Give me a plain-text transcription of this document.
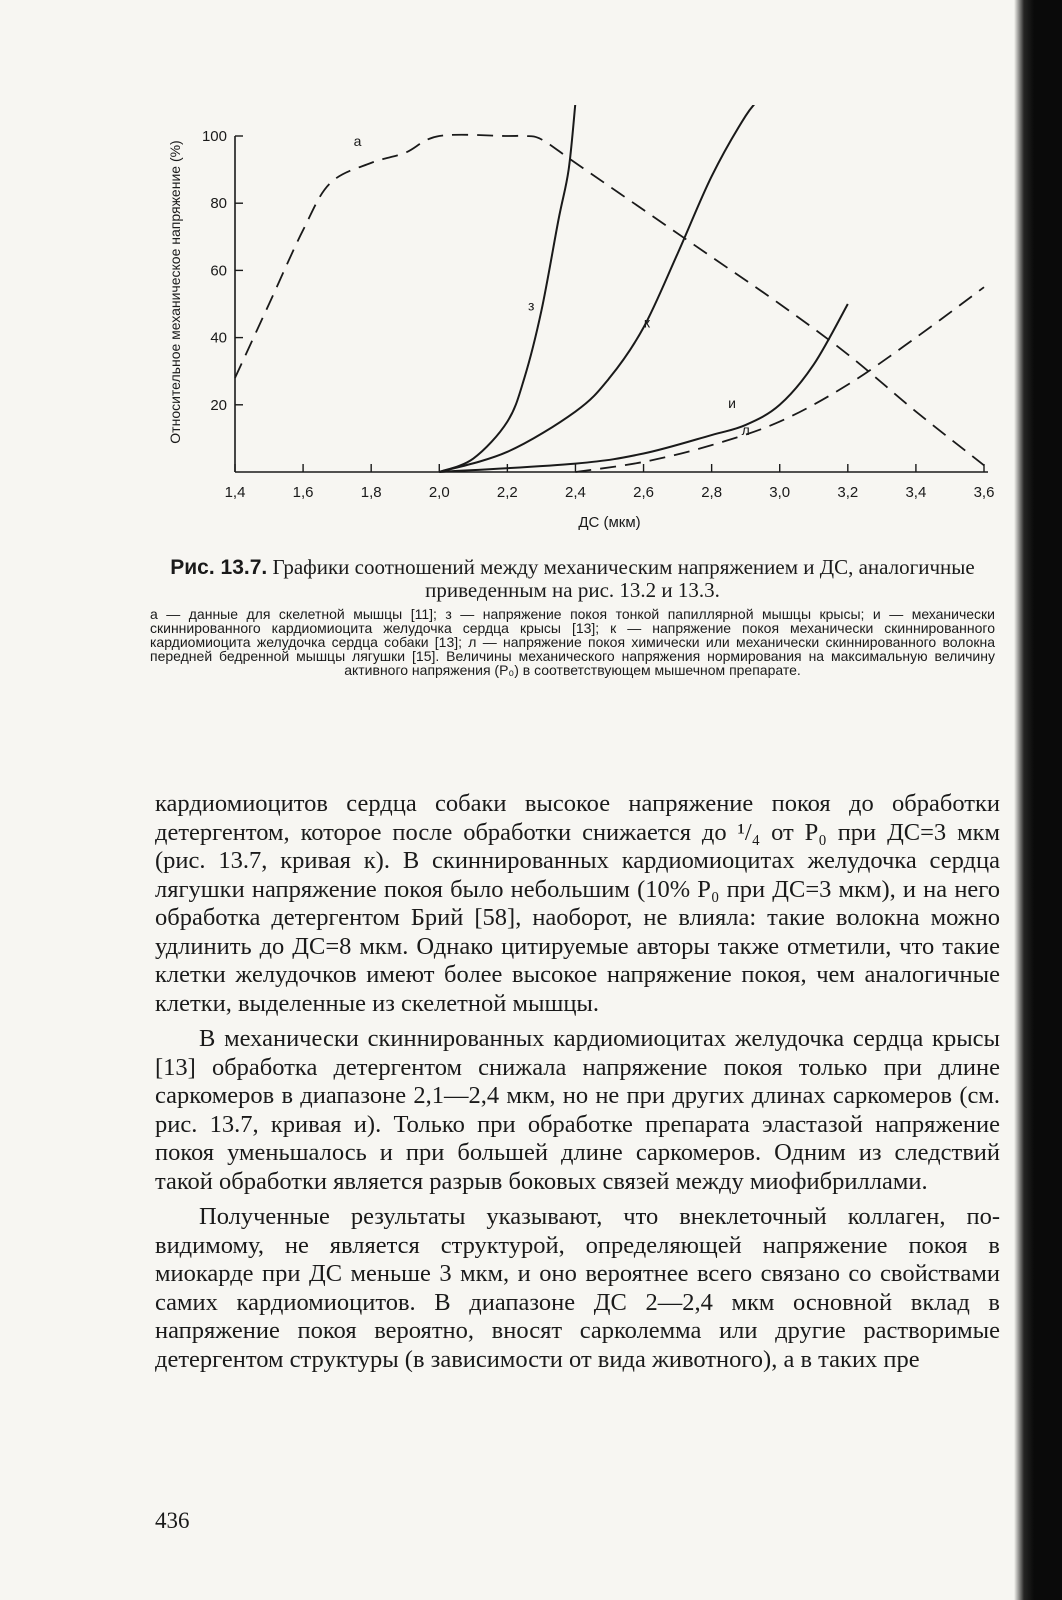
1,4	1,6	1,8	2,0	2,2	2,4	2,6	2,8	3,0	3,2	3,4	3,6
20
40
60
80
100
ДС (мкм)
Относительное механическое напряжение (%)	а
з
к
и
л
Рис. 13.7. Графики соотношений между механическим напряжением и ДС, аналогичные приведенным на рис. 13.2 и 13.3.
а — данные для скелетной мышцы [11]; з — напряжение покоя тонкой папиллярной мышцы крысы; и — механически скиннированного кардиомиоцита желудочка сердца крысы [13]; к — напряжение покоя механически скиннированного кардиомиоцита желудочка сердца собаки [13]; л — напряжение покоя химически или механически скиннированного волокна передней бедренной мышцы лягушки [15]. Величины механического напряжения нормирования на максимальную величину активного напряжения (P₀) в соответствующем мышечном препарате.

кардиомиоцитов сердца собаки высокое напряжение покоя до обработки детергентом, которое после обработки снижается до ¹/₄ от P₀ при ДС=3 мкм (рис. 13.7, кривая к). В скиннированных кардиомиоцитах желудочка сердца лягушки напряжение покоя было небольшим (10% P₀ при ДС=3 мкм), и на него обработка детергентом Брий [58], наоборот, не влияла: такие волокна можно удлинить до ДС=8 мкм. Однако цитируемые авторы также отметили, что такие клетки желудочков имеют более высокое напряжение покоя, чем аналогичные клетки, выделенные из скелетной мышцы.

В механически скиннированных кардиомиоцитах желудочка сердца крысы [13] обработка детергентом снижала напряжение покоя только при длине саркомеров в диапазоне 2,1—2,4 мкм, но не при других длинах саркомеров (см. рис. 13.7, кривая и). Только при обработке препарата эластазой напряжение покоя уменьшалось и при большей длине саркомеров. Одним из следствий такой обработки является разрыв боковых связей между миофибриллами.

Полученные результаты указывают, что внеклеточный коллаген, по-видимому, не является структурой, определяющей напряжение покоя в миокарде при ДС меньше 3 мкм, и оно вероятнее всего связано со свойствами самих кардиомиоцитов. В диапазоне ДС 2—2,4 мкм основной вклад в напряжение покоя вероятно, вносят сарколемма или другие растворимые детергентом структуры (в зависимости от вида животного), а в таких пре

436
